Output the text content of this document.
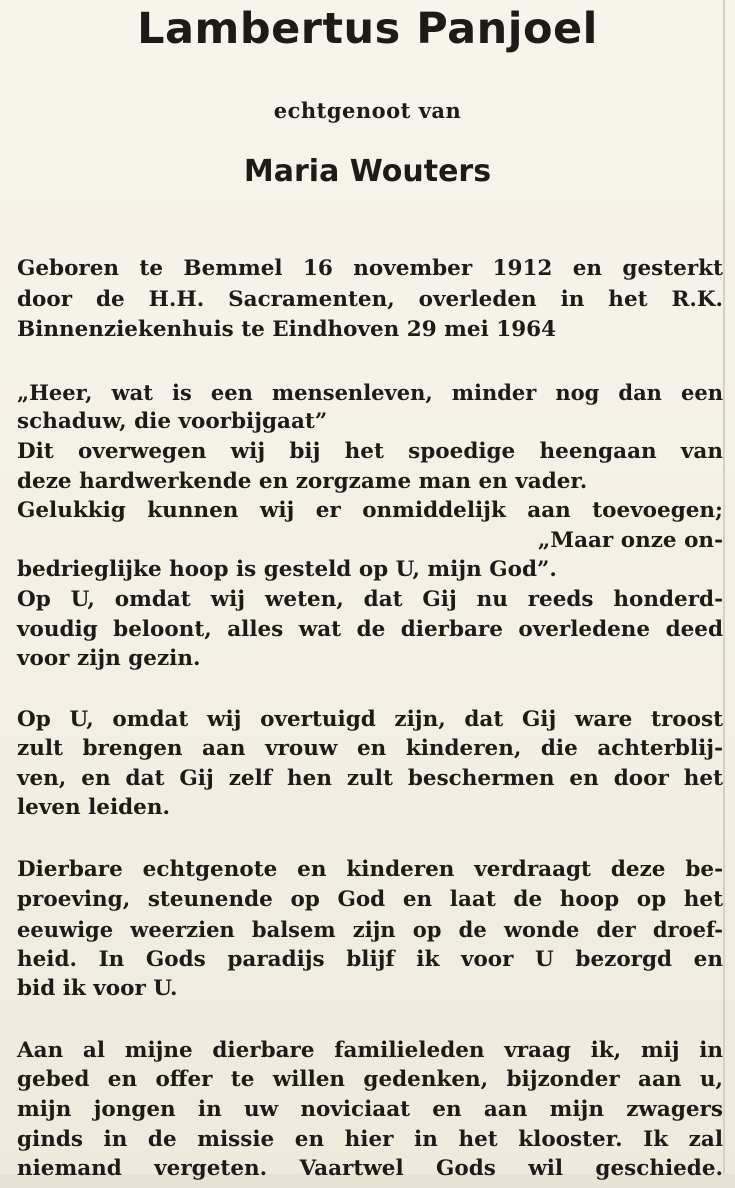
Lambertus Panjoel
echtgenoot van
Maria Wouters
Geboren te Bemmel 16 november 1912 en gesterkt
door de H.H. Sacramenten, overleden in het R.K.
Binnenziekenhuis te Eindhoven 29 mei 1964
„Heer, wat is een mensenleven, minder nog dan een
schaduw, die voorbijgaat”
Dit overwegen wij bij het spoedige heengaan van
deze hardwerkende en zorgzame man en vader.
Gelukkig kunnen wij er onmiddelijk aan toevoegen;
„Maar onze on-
bedrieglijke hoop is gesteld op U, mijn God”.
Op U, omdat wij weten, dat Gij nu reeds honderd-
voudig beloont, alles wat de dierbare overledene deed
voor zijn gezin.
Op U, omdat wij overtuigd zijn, dat Gij ware troost
zult brengen aan vrouw en kinderen, die achterblij-
ven, en dat Gij zelf hen zult beschermen en door het
leven leiden.
Dierbare echtgenote en kinderen verdraagt deze be-
proeving, steunende op God en laat de hoop op het
eeuwige weerzien balsem zijn op de wonde der droef-
heid. In Gods paradijs blijf ik voor U bezorgd en
bid ik voor U.
Aan al mijne dierbare familieleden vraag ik, mij in
gebed en offer te willen gedenken, bijzonder aan u,
mijn jongen in uw noviciaat en aan mijn zwagers
ginds in de missie en hier in het klooster. Ik zal
niemand vergeten. Vaartwel Gods wil geschiede.
